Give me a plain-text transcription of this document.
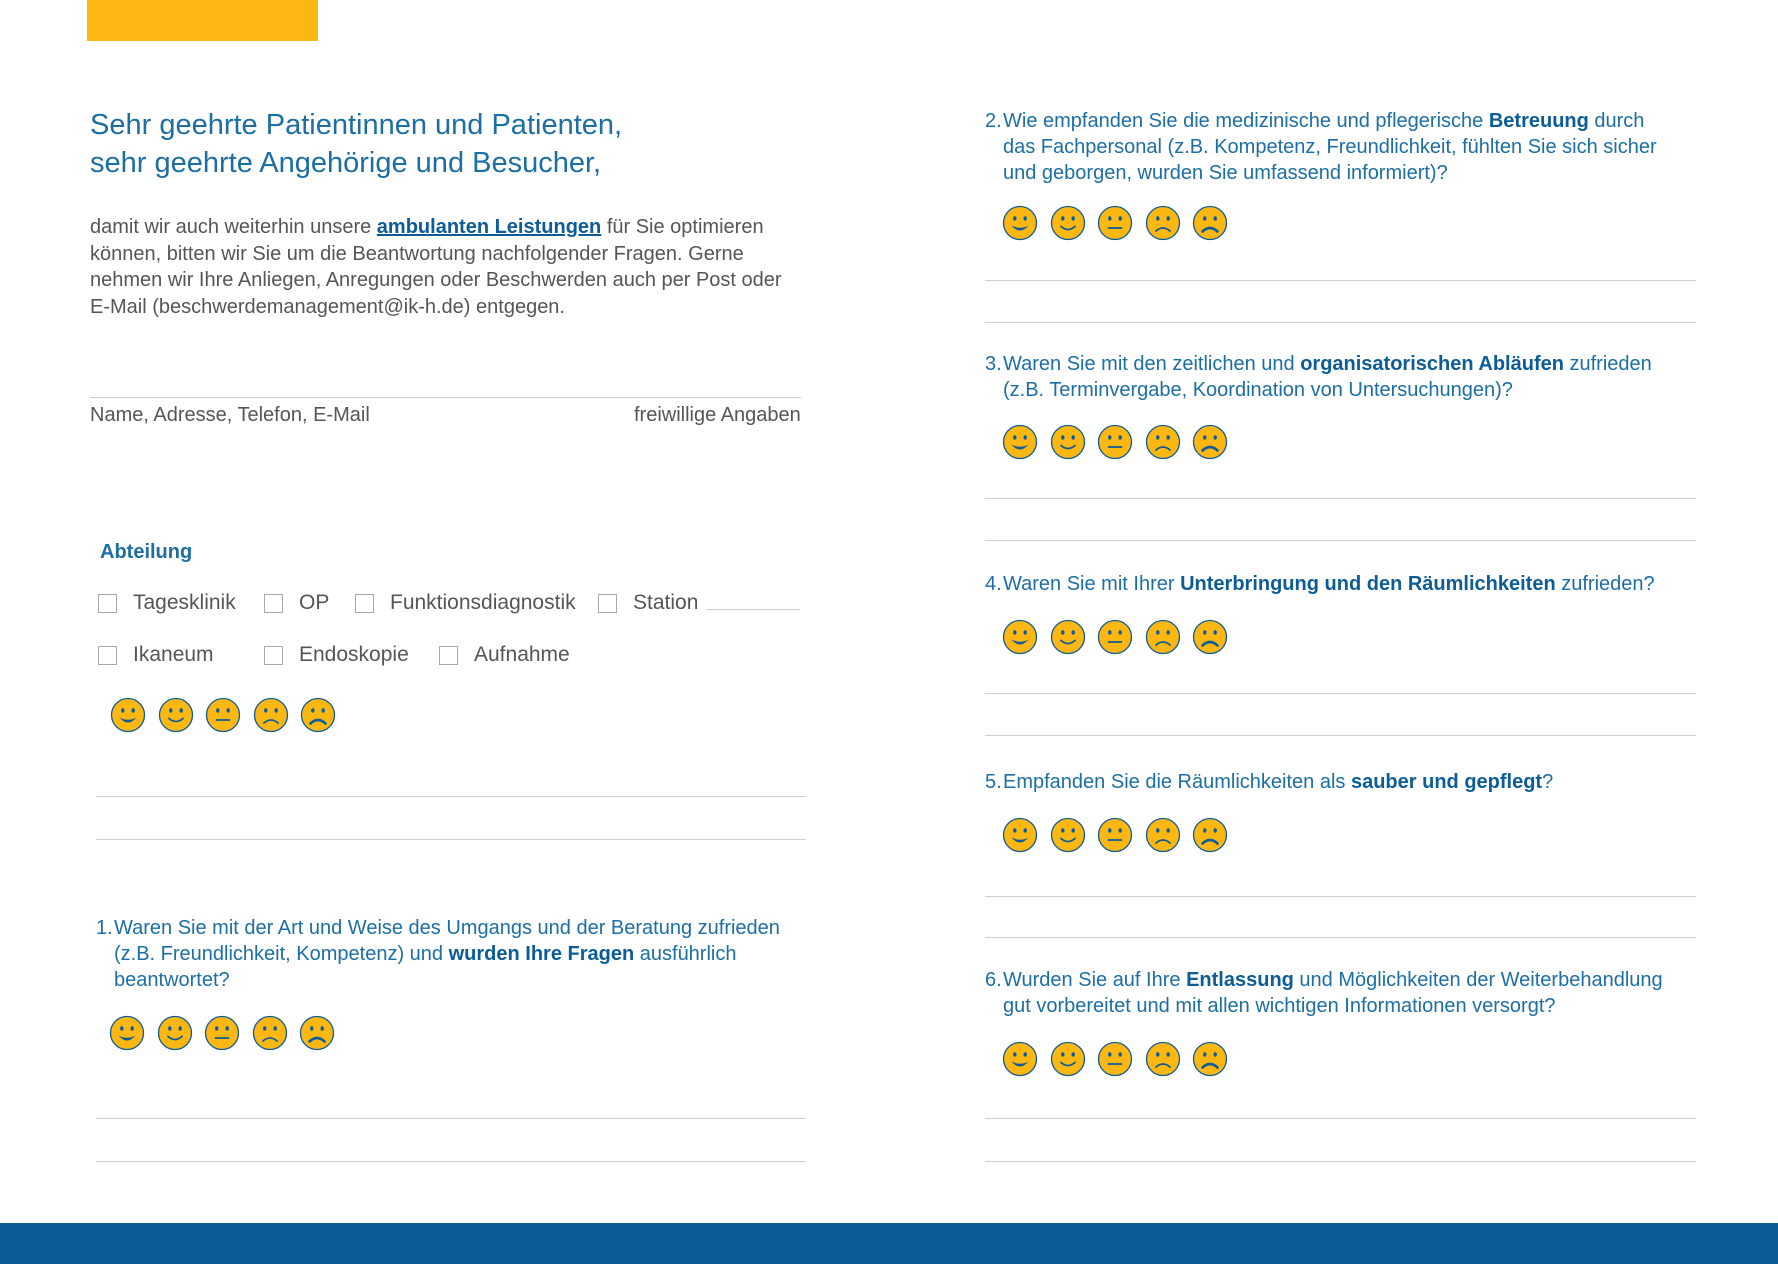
Sehr geehrte Patientinnen und Patienten,
sehr geehrte Angehörige und Besucher,
damit wir auch weiterhin unsere ambulanten Leistungen für Sie optimieren können, bitten wir Sie um die Beantwortung nachfolgender Fragen. Gerne nehmen wir Ihre Anliegen, Anregungen oder Beschwerden auch per Post oder E-Mail (beschwerdemanagement@ik-h.de) entgegen.
Name, Adresse, Telefon, E-Mail	freiwillige Angaben
Abteilung
Tagesklinik	OP	Funktionsdiagnostik	Station
Ikaneum	Endoskopie	Aufnahme
1. Waren Sie mit der Art und Weise des Umgangs und der Beratung zufrieden (z.B. Freundlichkeit, Kompetenz) und wurden Ihre Fragen ausführlich beantwortet?
2. Wie empfanden Sie die medizinische und pflegerische Betreuung durch das Fachpersonal (z.B. Kompetenz, Freundlichkeit, fühlten Sie sich sicher und geborgen, wurden Sie umfassend informiert)?
3. Waren Sie mit den zeitlichen und organisatorischen Abläufen zufrieden (z.B. Terminvergabe, Koordination von Untersuchungen)?
4. Waren Sie mit Ihrer Unterbringung und den Räumlichkeiten zufrieden?
5. Empfanden Sie die Räumlichkeiten als sauber und gepflegt?
6. Wurden Sie auf Ihre Entlassung und Möglichkeiten der Weiterbehandlung gut vorbereitet und mit allen wichtigen Informationen versorgt?
